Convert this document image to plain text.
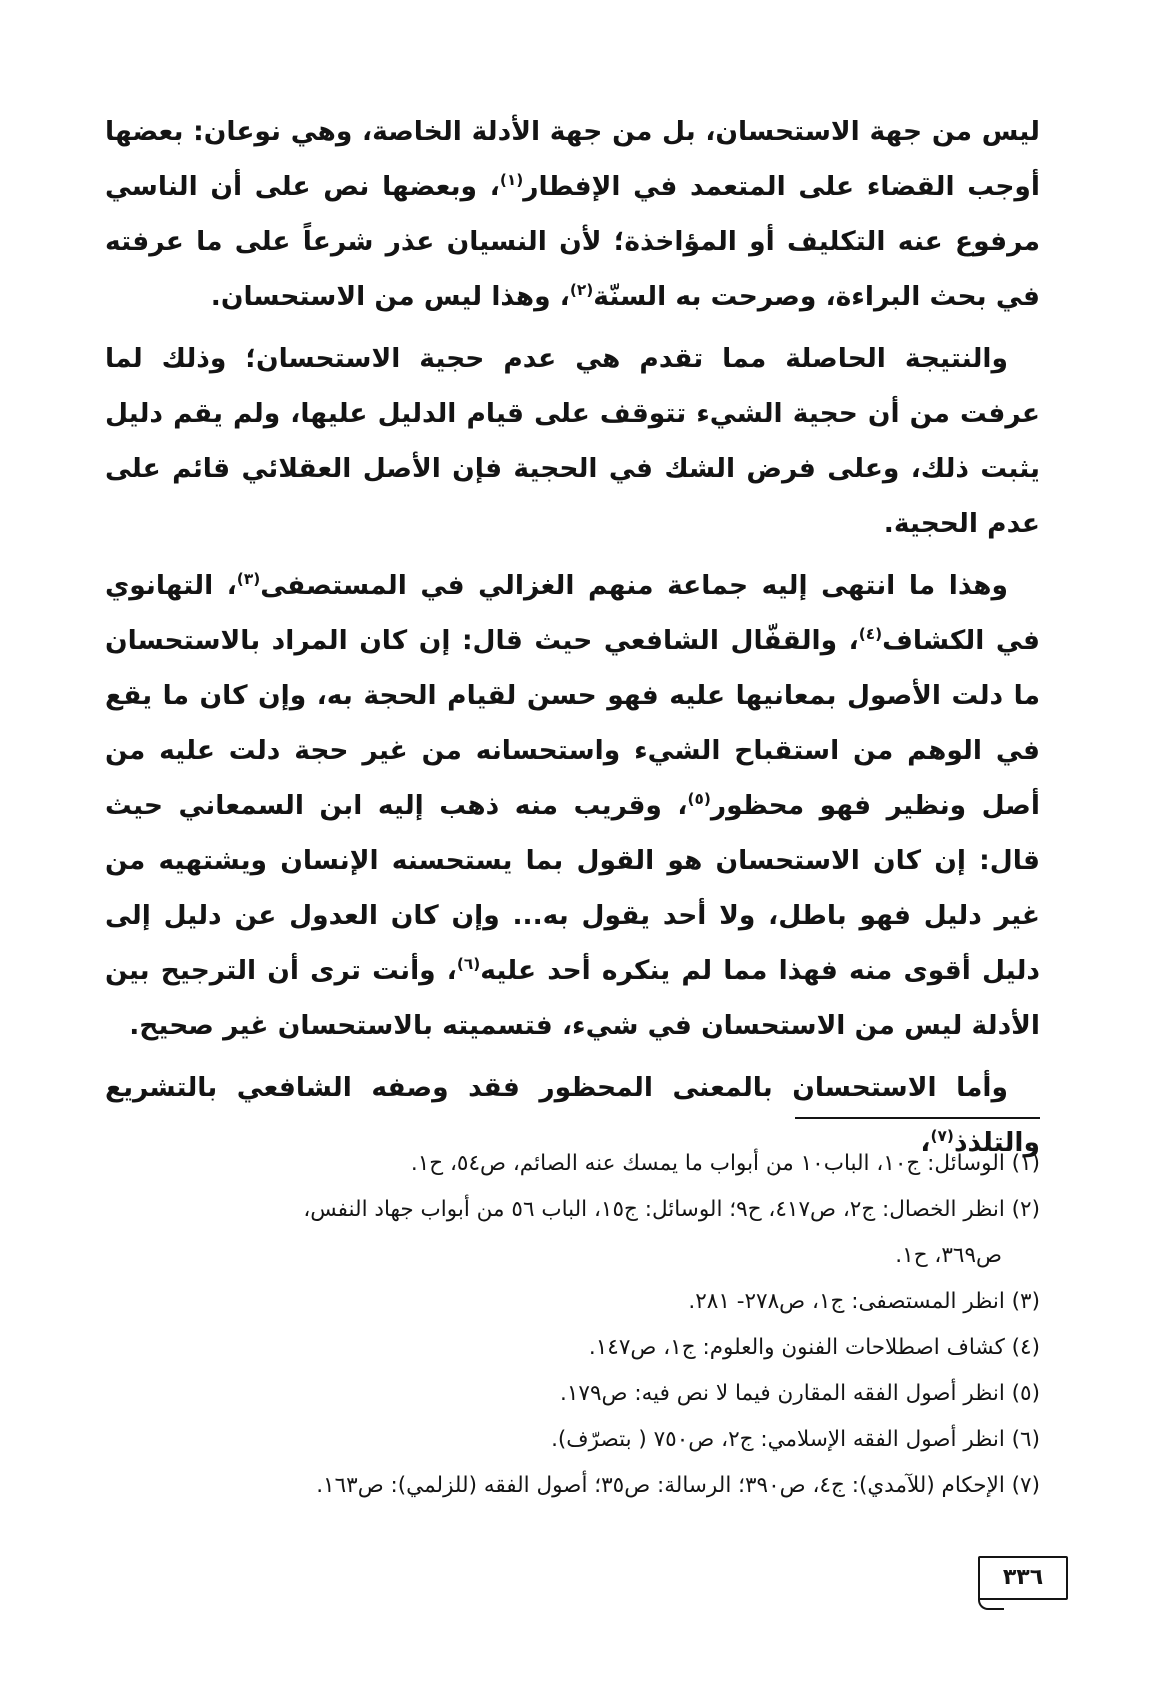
ليس من جهة الاستحسان، بل من جهة الأدلة الخاصة، وهي نوعان: بعضها أوجب القضاء على المتعمد في الإفطار$^{(١)}$، وبعضها نص على أن الناسي مرفوع عنه التكليف أو المؤاخذة؛ لأن النسيان عذر شرعاً على ما عرفته في بحث البراءة، وصرحت به السنّة$^{(٢)}$، وهذا ليس من الاستحسان.

والنتيجة الحاصلة مما تقدم هي عدم حجية الاستحسان؛ وذلك لما عرفت من أن حجية الشيء تتوقف على قيام الدليل عليها، ولم يقم دليل يثبت ذلك، وعلى فرض الشك في الحجية فإن الأصل العقلائي قائم على عدم الحجية.

وهذا ما انتهى إليه جماعة منهم الغزالي في المستصفى$^{(٣)}$، التهانوي في الكشاف$^{(٤)}$، والقفّال الشافعي حيث قال: إن كان المراد بالاستحسان ما دلت الأصول بمعانيها عليه فهو حسن لقيام الحجة به، وإن كان ما يقع في الوهم من استقباح الشيء واستحسانه من غير حجة دلت عليه من أصل ونظير فهو محظور$^{(٥)}$، وقريب منه ذهب إليه ابن السمعاني حيث قال: إن كان الاستحسان هو القول بما يستحسنه الإنسان ويشتهيه من غير دليل فهو باطل، ولا أحد يقول به... وإن كان العدول عن دليل إلى دليل أقوى منه فهذا مما لم ينكره أحد عليه$^{(٦)}$، وأنت ترى أن الترجيح بين الأدلة ليس من الاستحسان في شيء، فتسميته بالاستحسان غير صحيح.

وأما الاستحسان بالمعنى المحظور فقد وصفه الشافعي بالتشريع والتلذذ$^{(٧)}$،

(١) الوسائل: ج١٠، الباب١٠ من أبواب ما يمسك عنه الصائم، ص٥٤، ح١.

(٢) انظر الخصال: ج٢، ص٤١٧، ح٩؛ الوسائل: ج١٥، الباب ٥٦ من أبواب جهاد النفس،

ص٣٦٩، ح١.

(٣) انظر المستصفى: ج١، ص٢٧٨- ٢٨١.

(٤) كشاف اصطلاحات الفنون والعلوم: ج١، ص١٤٧.

(٥) انظر أصول الفقه المقارن فيما لا نص فيه: ص١٧٩.

(٦) انظر أصول الفقه الإسلامي: ج٢، ص٧٥٠ ( بتصرّف).

(٧) الإحكام (للآمدي): ج٤، ص٣٩٠؛ الرسالة: ص٣٥؛ أصول الفقه (للزلمي): ص١٦٣.

٣٣٦
